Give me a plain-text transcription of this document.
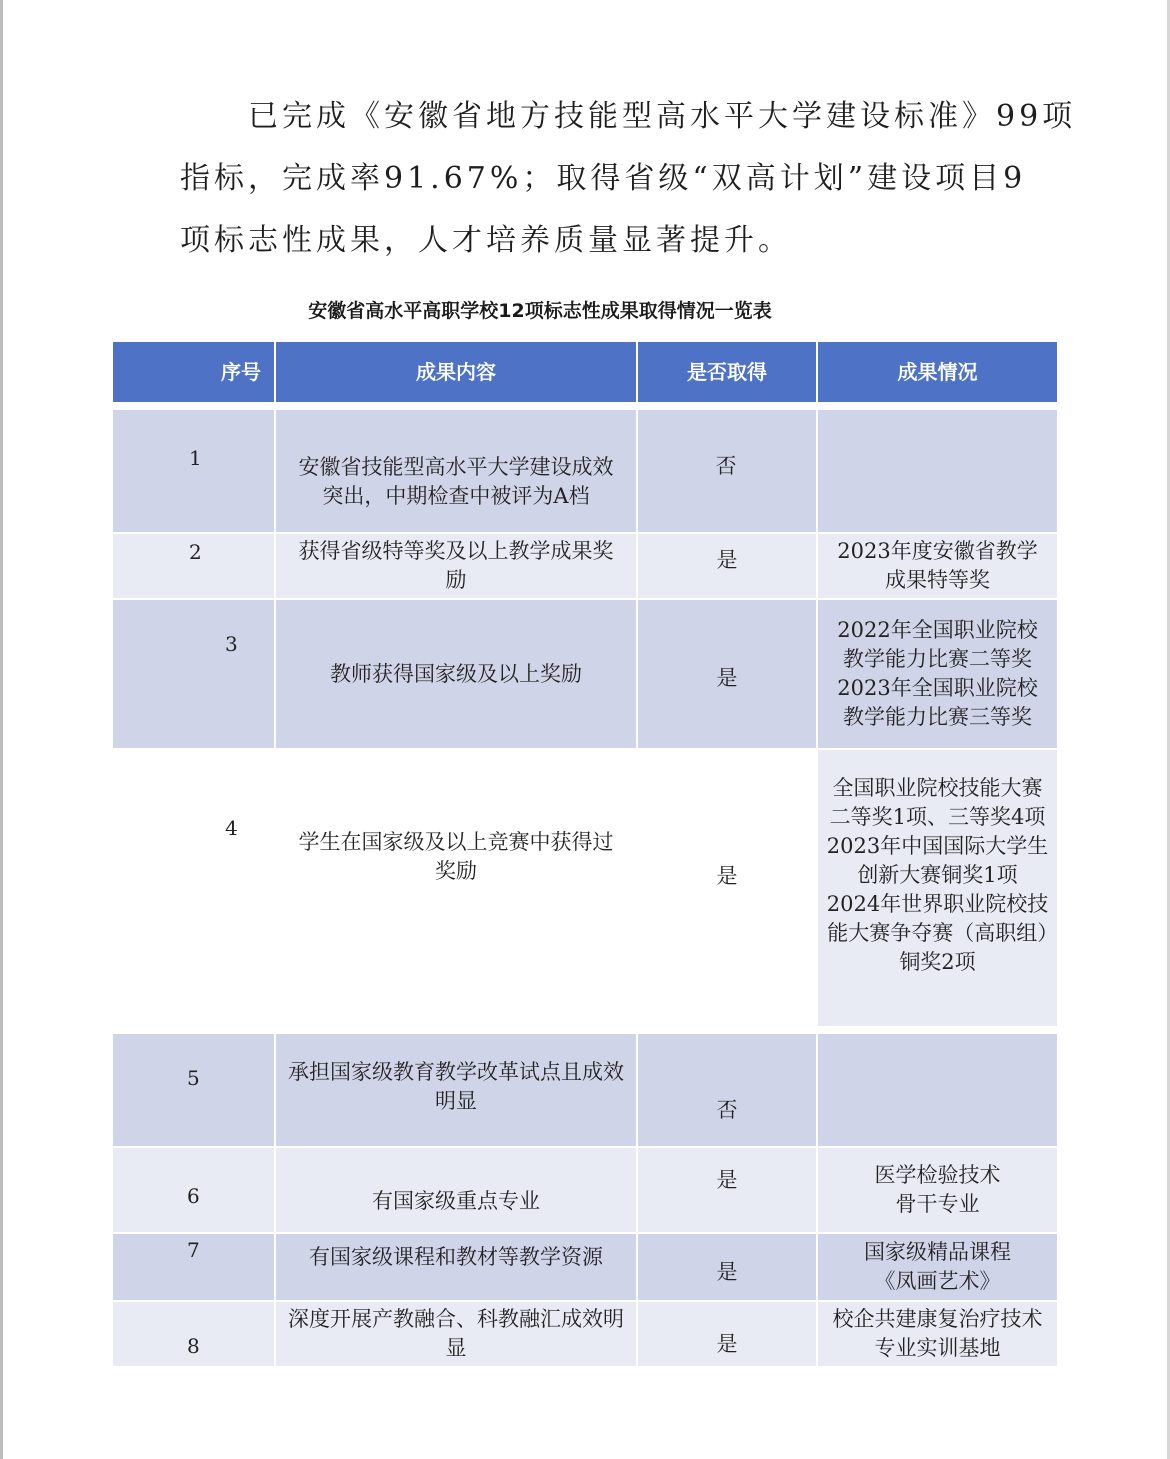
已完成《安徽省地方技能型高水平大学建设标准》99项
指标，完成率91.67%；取得省级“双高计划”建设项目9
项标志性成果，人才培养质量显著提升。
安徽省高水平高职学校12项标志性成果取得情况一览表
序号	成果内容	是否取得	成果情况

1	安徽省技能型高水平大学建设成效突出，中期检查中被评为A档	否	

2	获得省级特等奖及以上教学成果奖励	是	2023年度安徽省教学成果特等奖

3	教师获得国家级及以上奖励	是	2022年全国职业院校教学能力比赛二等奖2023年全国职业院校教学能力比赛三等奖

4	学生在国家级及以上竞赛中获得过奖励	是	全国职业院校技能大赛二等奖1项、三等奖4项
2023年中国国际大学生创新大赛铜奖1项
2024年世界职业院校技能大赛争夺赛（高职组）铜奖2项

5	承担国家级教育教学改革试点且成效明显	否	

6	有国家级重点专业	是	医学检验技术
骨干专业

7	有国家级课程和教材等教学资源	是	国家级精品课程
《凤画艺术》

8	深度开展产教融合、科教融汇成效明显	是	校企共建康复治疗技术专业实训基地
